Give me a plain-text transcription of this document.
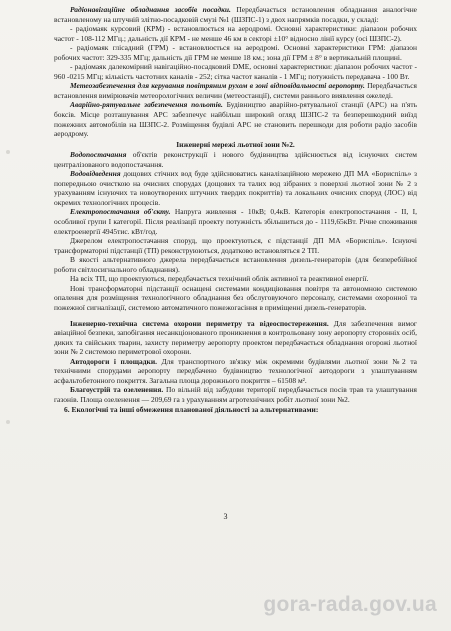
Радіонавігаційне обладнання засобів посадки. Передбачається встановлення обладнання аналогічне встановленому на штучній злітно-посадковій смузі №1 (ШЗПС-1) з двох напрямків посадки, у складі:

- радіомаяк курсовий (КРМ) - встановлюється на аеродромі. Основні характеристики: діапазон робочих частот - 108-112 МГц.; дальність дії КРМ - не менше 46 км в секторі ±10° відносно лінії курсу (осі ШЗПС-2).

- радіомаяк глісадний (ГРМ) - встановлюється на аеродромі. Основні характеристики ГРМ: діапазон робочих частот: 329-335 МГц; дальність дії ГРМ не менше 18 км.; зона дії ГРМ ± 8° в вертикальній площині.

- радіомаяк далекомірний навігаційно-посадковий DME, основні характеристики: діапазон робочих частот - 960 -0215 МГц; кількість частотних каналів - 252; сітка частот каналів - 1 МГц; потужність передавача - 100 Вт.

Метеозабезпечення для керування повітряним рухом в зоні відповідальності аеропорту. Передбачається встановлення вимірювачів метеорологічних величин (метеостанції), системи раннього виявлення ожеледі.

Аварійно-рятувальне забезпечення польотів. Будівництво аварійно-рятувальної станції (АРС) на п'ять боксів. Місце розташування АРС забезпечує найбільш широкий огляд ШЗПС-2 та безперешкодний виїзд пожежних автомобілів на ШЗПС-2. Розміщення будівлі АРС не становить перешкоди для роботи радіо засобів аеродрому.

Інженерні мережі льотної зони №2.

Водопостачання об'єктів реконструкції і нового будівництва здійснюється від існуючих систем централізованого водопостачання.

Водовідведення дощових стічних вод буде здійснюватись каналізаційною мережею ДП МА «Бориспіль» з попередньою очисткою на очисних спорудах (дощових та талих вод зібраних з поверхні льотної зони № 2 з урахуванням існуючих та новоутворених штучних твердих покриттів) та локальних очисних споруд (ЛОС) від окремих технологічних процесів.

Електропостачання об'єкту. Напруга живлення - 10кВ; 0,4кВ. Категорія електропостачання - II, I, особливої групи I категорії. Після реалізації проекту потужність збільшиться до - 1119,65кВт. Річне споживання електроенергії 4945тис. кВт/год.

Джерелом електропостачання споруд, що проектуються, є підстанції ДП МА «Бориспіль». Існуючі трансформаторні підстанції (ТП) реконструюються, додатково встановляться 2 ТП.

В якості альтернативного джерела передбачається встановлення дизель-генераторів (для безперебійної роботи світлосигнального обладнання).

На всіх ТП, що проектуються, передбачається технічний облік активної та реактивної енергії.

Нові трансформаторні підстанції оснащені системами кондиціювання повітря та автономною системою опалення для розміщення технологічного обладнання без обслуговуючого персоналу, системами охоронної та пожежної сигналізації, системою автоматичного пожежогасіння в приміщенні дизель-генераторів.

Інженерно-технічна система охорони периметру та відеоспостереження. Для забезпечення вимог авіаційної безпеки, запобігання несанкціонованого проникнення в контрольовану зону аеропорту сторонніх осіб, диких та свійських тварин, захисту периметру аеропорту проектом передбачається обладнання огорожі льотної зони № 2 системою периметрової охорони.

Автодороги і площадки. Для транспортного зв'язку між окремими будівлями льотної зони №2 та технічними спорудами аеропорту передбачено будівництво технологічної автодороги з улаштуванням асфальтобетонного покриття. Загальна площа дорожнього покриття – 61508 м².

Благоустрій та озеленення. По вільній від забудови території передбачається посів трав та улаштування газонів. Площа озеленення — 209,69 га з урахуванням агротехнічних робіт льотної зони №2.

6. Екологічні та інші обмеження планованої діяльності за альтернативами:

3
gora-rada.gov.ua
